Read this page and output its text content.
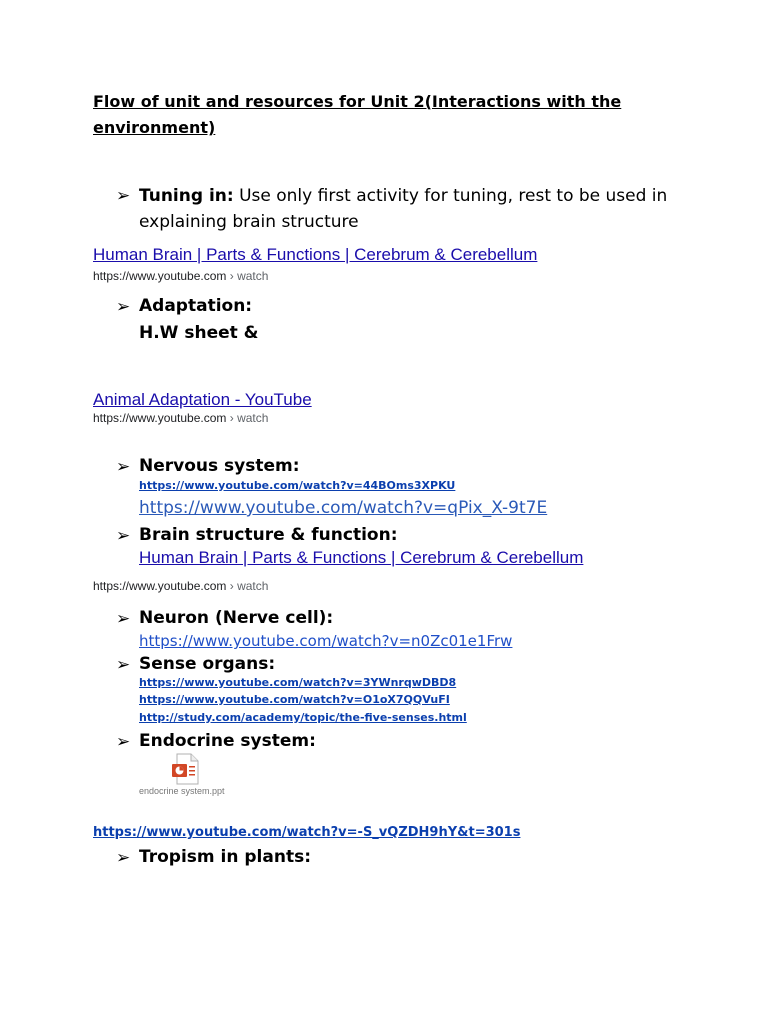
Flow of unit and resources for Unit 2(Interactions with the
environment)
➢ Tuning in: Use only first activity for tuning, rest to be used in
explaining brain structure
Human Brain | Parts & Functions | Cerebrum & Cerebellum
https://www.youtube.com › watch
➢ Adaptation:
H.W sheet &
Animal Adaptation - YouTube
https://www.youtube.com › watch
➢ Nervous system:
https://www.youtube.com/watch?v=44BOms3XPKU
https://www.youtube.com/watch?v=qPix_X-9t7E
➢ Brain structure & function:
Human Brain | Parts & Functions | Cerebrum & Cerebellum
https://www.youtube.com › watch
➢ Neuron (Nerve cell):
https://www.youtube.com/watch?v=n0Zc01e1Frw
➢ Sense organs:
https://www.youtube.com/watch?v=3YWnrqwDBD8
https://www.youtube.com/watch?v=O1oX7QQVuFI
http://study.com/academy/topic/the-five-senses.html
➢ Endocrine system:
endocrine system.ppt
https://www.youtube.com/watch?v=-S_vQZDH9hY&t=301s
➢ Tropism in plants:
